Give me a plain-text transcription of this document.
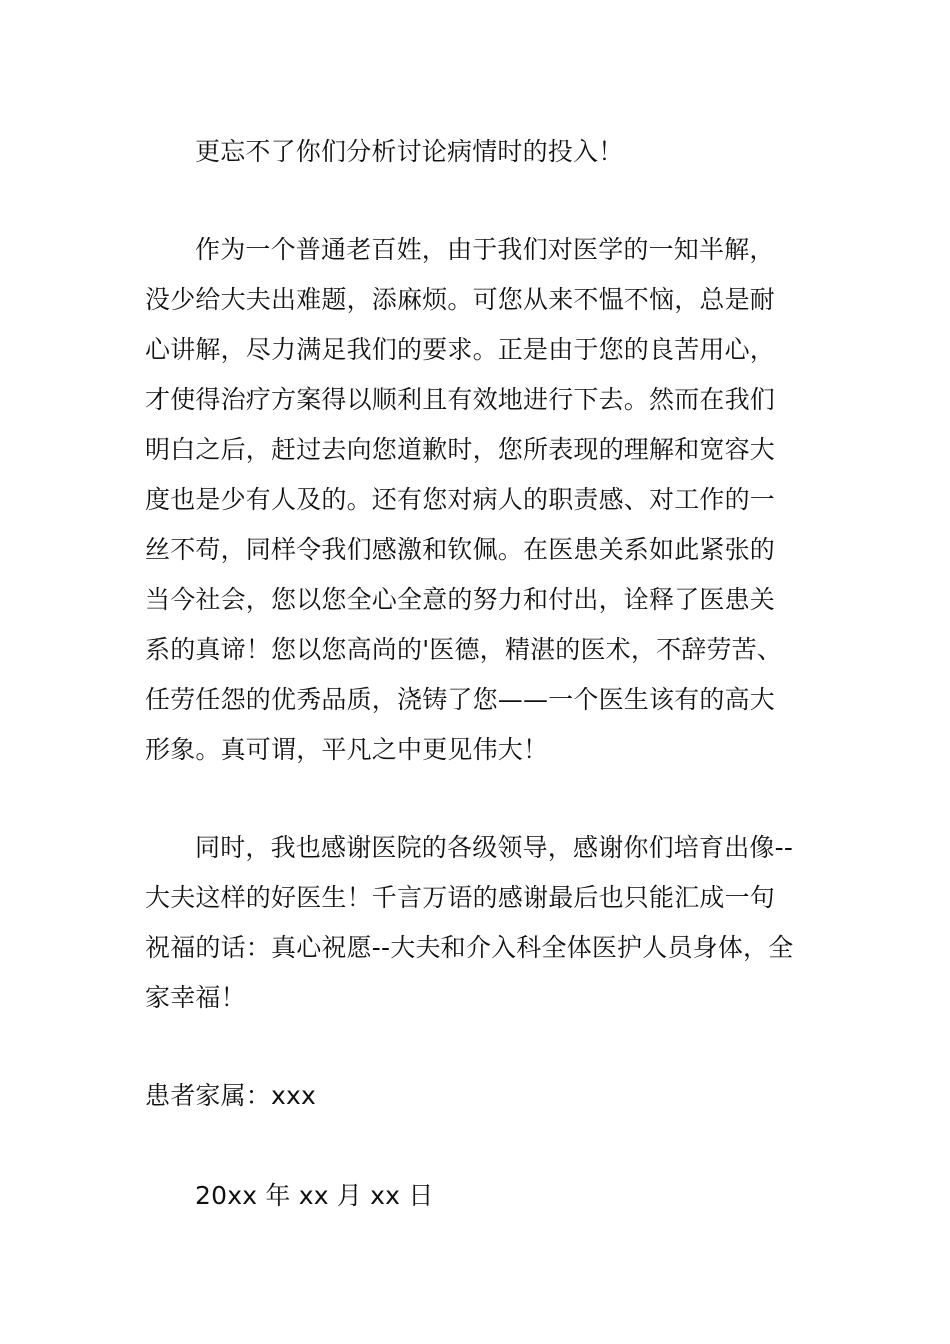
更忘不了你们分析讨论病情时的投入！
作为一个普通老百姓，由于我们对医学的一知半解，
没少给大夫出难题，添麻烦。可您从来不愠不恼，总是耐
心讲解，尽力满足我们的要求。正是由于您的良苦用心，
才使得治疗方案得以顺利且有效地进行下去。然而在我们
明白之后，赶过去向您道歉时，您所表现的理解和宽容大
度也是少有人及的。还有您对病人的职责感、对工作的一
丝不苟，同样令我们感激和钦佩。在医患关系如此紧张的
当今社会，您以您全心全意的努力和付出，诠释了医患关
系的真谛！您以您高尚的'医德，精湛的医术，不辞劳苦、
任劳任怨的优秀品质，浇铸了您——一个医生该有的高大
形象。真可谓，平凡之中更见伟大！
同时，我也感谢医院的各级领导，感谢你们培育出像--
大夫这样的好医生！千言万语的感谢最后也只能汇成一句
祝福的话：真心祝愿--大夫和介入科全体医护人员身体，全
家幸福！
患者家属：xxx
20xx 年 xx 月 xx 日
